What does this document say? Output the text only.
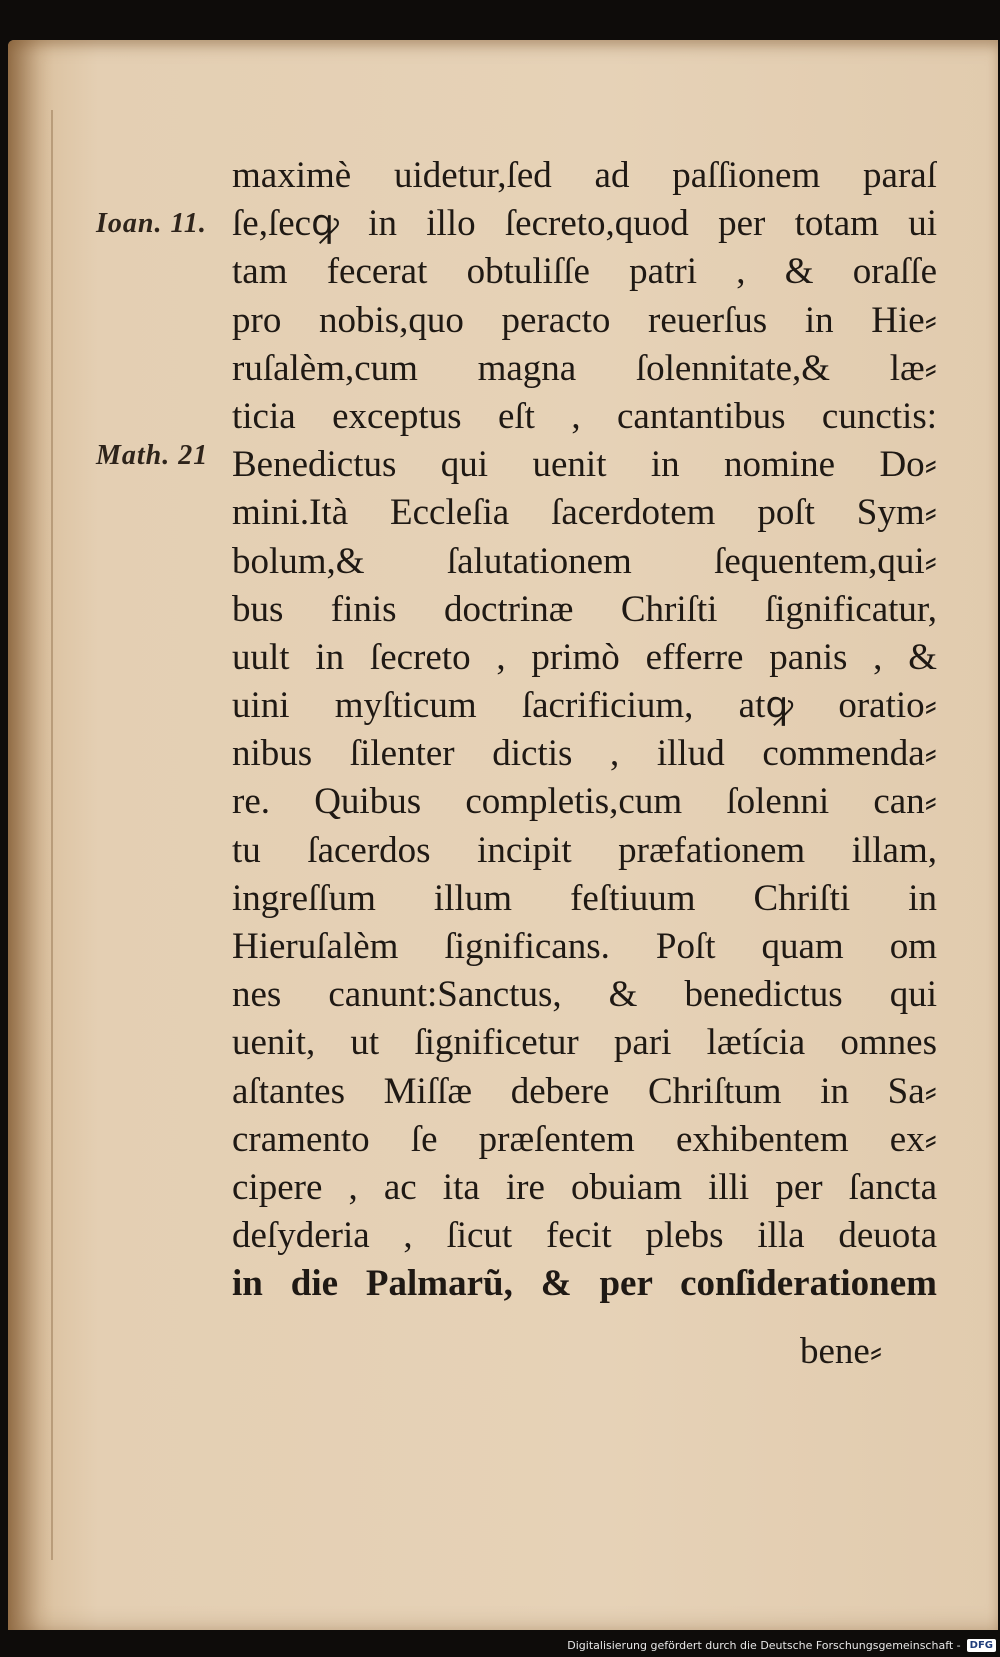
Ioan. 11.
Math. 21
maximè uidetur,ſed ad paſſionem paraſ
ſe,ſecꝙ in illo ſecreto,quod per totam ui
tam fecerat obtuliſſe patri , & oraſſe
pro nobis,quo peracto reuerſus in Hie⸗
ruſalèm,cum magna ſolennitate,& læ⸗
ticia exceptus eſt , cantantibus cunctis:
Benedictus qui uenit in nomine Do⸗
mini.Ità Eccleſia ſacerdotem poſt Sym⸗
bolum,& ſalutationem ſequentem,qui⸗
bus finis doctrinæ Chriſti ſignificatur,
uult in ſecreto , primò efferre panis , &
uini myſticum ſacrificium, atꝙ oratio⸗
nibus ſilenter dictis , illud commenda⸗
re. Quibus completis,cum ſolenni can⸗
tu ſacerdos incipit præfationem illam,
ingreſſum illum feſtiuum Chriſti in
Hieruſalèm ſignificans. Poſt quam om
nes canunt:Sanctus, & benedictus qui
uenit, ut ſignificetur pari lætícia omnes
aſtantes Miſſæ debere Chriſtum in Sa⸗
cramento ſe præſentem exhibentem ex⸗
cipere , ac ita ire obuiam illi per ſancta
deſyderia , ſicut fecit plebs illa deuota
in die Palmarũ, & per conſiderationem
bene⸗
Digitalisierung gefördert durch die Deutsche Forschungsgemeinschaft - DFG
